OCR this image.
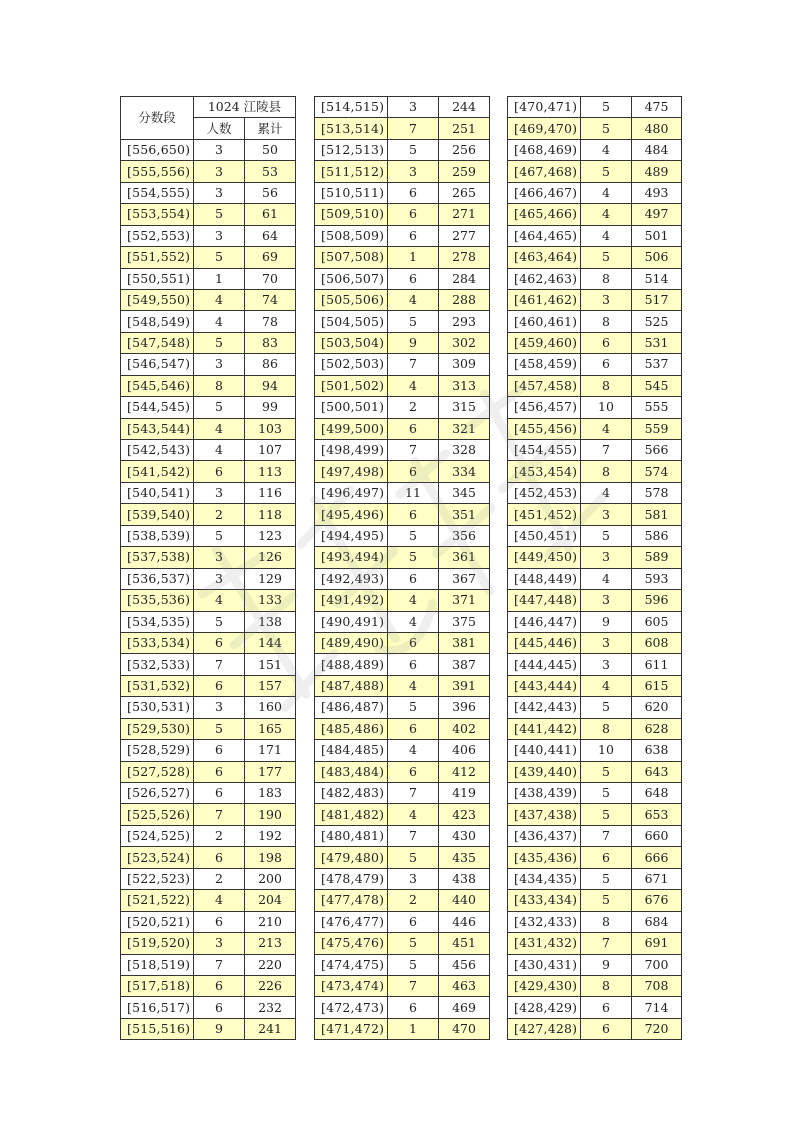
分数段	1024 江陵县	
	人数	累计
[556,650)	3	50
[555,556)	3	53
[554,555)	3	56
[553,554)	5	61
[552,553)	3	64
[551,552)	5	69
[550,551)	1	70
[549,550)	4	74
[548,549)	4	78
[547,548)	5	83
[546,547)	3	86
[545,546)	8	94
[544,545)	5	99
[543,544)	4	103
[542,543)	4	107
[541,542)	6	113
[540,541)	3	116
[539,540)	2	118
[538,539)	5	123
[537,538)	3	126
[536,537)	3	129
[535,536)	4	133
[534,535)	5	138
[533,534)	6	144
[532,533)	7	151
[531,532)	6	157
[530,531)	3	160
[529,530)	5	165
[528,529)	6	171
[527,528)	6	177
[526,527)	6	183
[525,526)	7	190
[524,525)	2	192
[523,524)	6	198
[522,523)	2	200
[521,522)	4	204
[520,521)	6	210
[519,520)	3	213
[518,519)	7	220
[517,518)	6	226
[516,517)	6	232
[515,516)	9	241
[514,515)	3	244
[513,514)	7	251
[512,513)	5	256
[511,512)	3	259
[510,511)	6	265
[509,510)	6	271
[508,509)	6	277
[507,508)	1	278
[506,507)	6	284
[505,506)	4	288
[504,505)	5	293
[503,504)	9	302
[502,503)	7	309
[501,502)	4	313
[500,501)	2	315
[499,500)	6	321
[498,499)	7	328
[497,498)	6	334
[496,497)	11	345
[495,496)	6	351
[494,495)	5	356
[493,494)	5	361
[492,493)	6	367
[491,492)	4	371
[490,491)	4	375
[489,490)	6	381
[488,489)	6	387
[487,488)	4	391
[486,487)	5	396
[485,486)	6	402
[484,485)	4	406
[483,484)	6	412
[482,483)	7	419
[481,482)	4	423
[480,481)	7	430
[479,480)	5	435
[478,479)	3	438
[477,478)	2	440
[476,477)	6	446
[475,476)	5	451
[474,475)	5	456
[473,474)	7	463
[472,473)	6	469
[471,472)	1	470
[470,471)	5	475
[469,470)	5	480
[468,469)	4	484
[467,468)	5	489
[466,467)	4	493
[465,466)	4	497
[464,465)	4	501
[463,464)	5	506
[462,463)	8	514
[461,462)	3	517
[460,461)	8	525
[459,460)	6	531
[458,459)	6	537
[457,458)	8	545
[456,457)	10	555
[455,456)	4	559
[454,455)	7	566
[453,454)	8	574
[452,453)	4	578
[451,452)	3	581
[450,451)	5	586
[449,450)	3	589
[448,449)	4	593
[447,448)	3	596
[446,447)	9	605
[445,446)	3	608
[444,445)	3	611
[443,444)	4	615
[442,443)	5	620
[441,442)	8	628
[440,441)	10	638
[439,440)	5	643
[438,439)	5	648
[437,438)	5	653
[436,437)	7	660
[435,436)	6	666
[434,435)	5	671
[433,434)	5	676
[432,433)	8	684
[431,432)	7	691
[430,431)	9	700
[429,430)	8	708
[428,429)	6	714
[427,428)	6	720
